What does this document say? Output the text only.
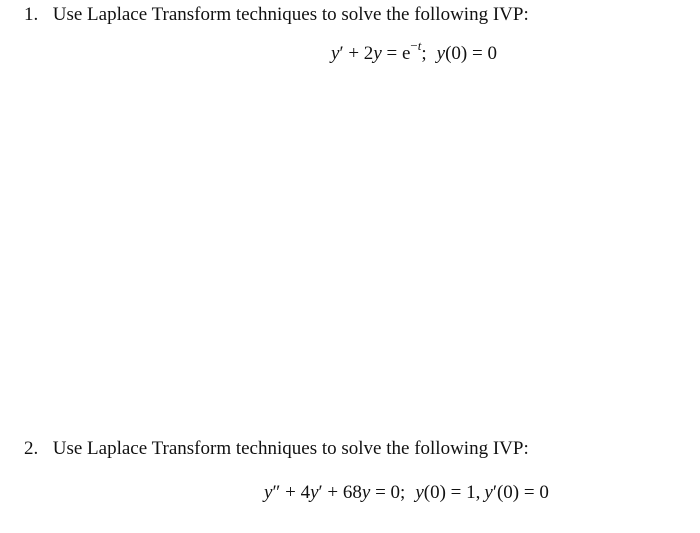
1. Use Laplace Transform techniques to solve the following IVP:
$y' + 2y = e^{-t}$; y(0) = 0
2. Use Laplace Transform techniques to solve the following IVP:
y″ + 4y′ + 68y = 0; y(0) = 1, y′(0) = 0
